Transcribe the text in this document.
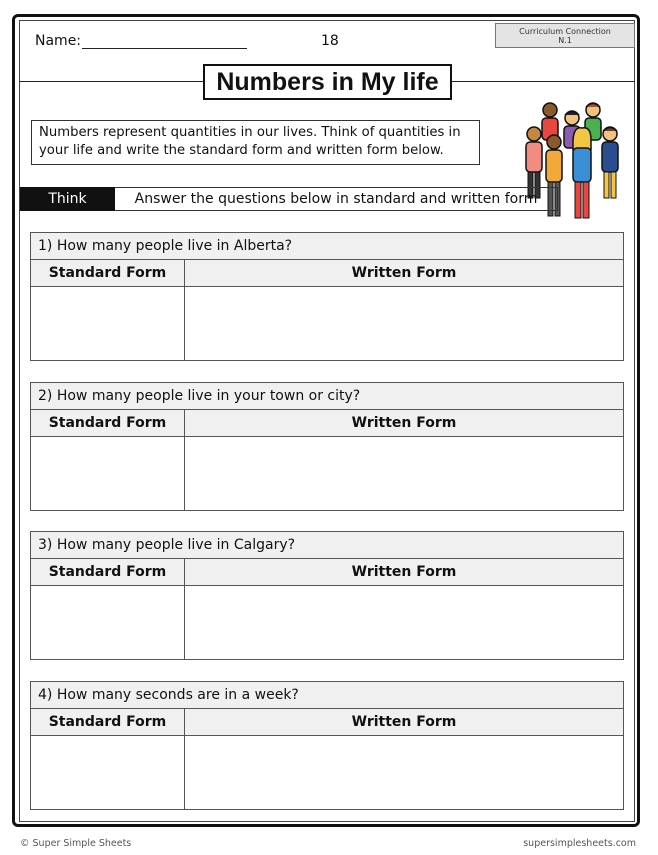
Name:	18
Curriculum Connection
N.1
Numbers in My life
Numbers represent quantities in our lives. Think of quantities in your life and write the standard form and written form below.
Think	Answer the questions below in standard and written form
1) How many people live in Alberta?
Standard Form	Written Form
2) How many people live in your town or city?
Standard Form	Written Form
3) How many people live in Calgary?
Standard Form	Written Form
4) How many seconds are in a week?
Standard Form	Written Form
© Super Simple Sheets	supersimplesheets.com
